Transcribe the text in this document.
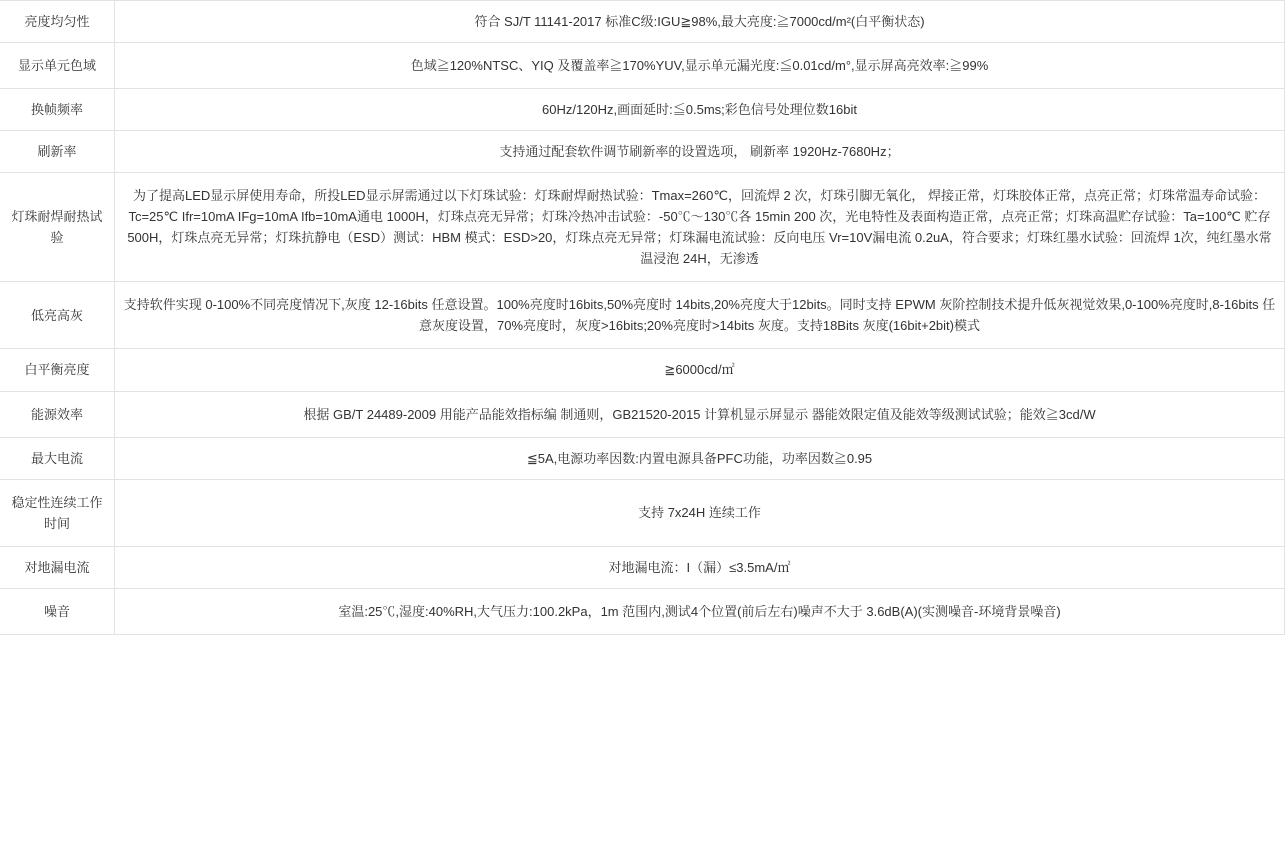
亮度均匀性	符合 SJ/T 11141-2017 标准C级:IGU≧98%,最大亮度:≧7000cd/m²(白平衡状态)
显示单元色域	色域≧120%NTSC、YIQ 及覆盖率≧170%YUV,显示单元漏光度:≦0.01cd/m°,显示屏高亮效率:≧99%
换帧频率	60Hz/120Hz,画面延时:≦0.5ms;彩色信号处理位数16bit
刷新率	支持通过配套软件调节刷新率的设置选项， 刷新率 1920Hz-7680Hz；
灯珠耐焊耐热试验	为了提高LED显示屏使用寿命，所投LED显示屏需通过以下灯珠试验：灯珠耐焊耐热试验：Tmax=260℃，回流焊 2 次，灯珠引脚无氧化， 焊接正常，灯珠胶体正常，点亮正常；灯珠常温寿命试验：Tc=25℃ Ifr=10mA IFg=10mA Ifb=10mA通电 1000H，灯珠点亮无异常；灯珠冷热冲击试验：-50℃～130℃各 15min 200 次，光电特性及表面构造正常，点亮正常；灯珠高温贮存试验：Ta=100℃ 贮存 500H，灯珠点亮无异常；灯珠抗静电（ESD）测试：HBM 模式：ESD>20，灯珠点亮无异常；灯珠漏电流试验：反向电压 Vr=10V漏电流 0.2uA，符合要求；灯珠红墨水试验：回流焊 1次，纯红墨水常温浸泡 24H，无渗透
低亮高灰	支持软件实现 0-100%不同亮度情况下,灰度 12-16bits 任意设置。100%亮度时16bits,50%亮度时 14bits,20%亮度大于12bits。同时支持 EPWM 灰阶控制技术提升低灰视觉效果,0-100%亮度时,8-16bits 任意灰度设置，70%亮度时，灰度>16bits;20%亮度时>14bits 灰度。支持18Bits 灰度(16bit+2bit)模式
白平衡亮度	≧6000cd/㎡
能源效率	根据 GB/T 24489-2009 用能产品能效指标编 制通则，GB21520-2015 计算机显示屏显示 器能效限定值及能效等级测试试验；能效≧3cd/W
最大电流	≦5A,电源功率因数:内置电源具备PFC功能，功率因数≧0.95
稳定性连续工作时间	支持 7x24H 连续工作
对地漏电流	对地漏电流：I（漏）≤3.5mA/㎡
噪音	室温:25℃,湿度:40%RH,大气压力:100.2kPa，1m 范围内,测试4个位置(前后左右)噪声不大于 3.6dB(A)(实测噪音-环境背景噪音)
